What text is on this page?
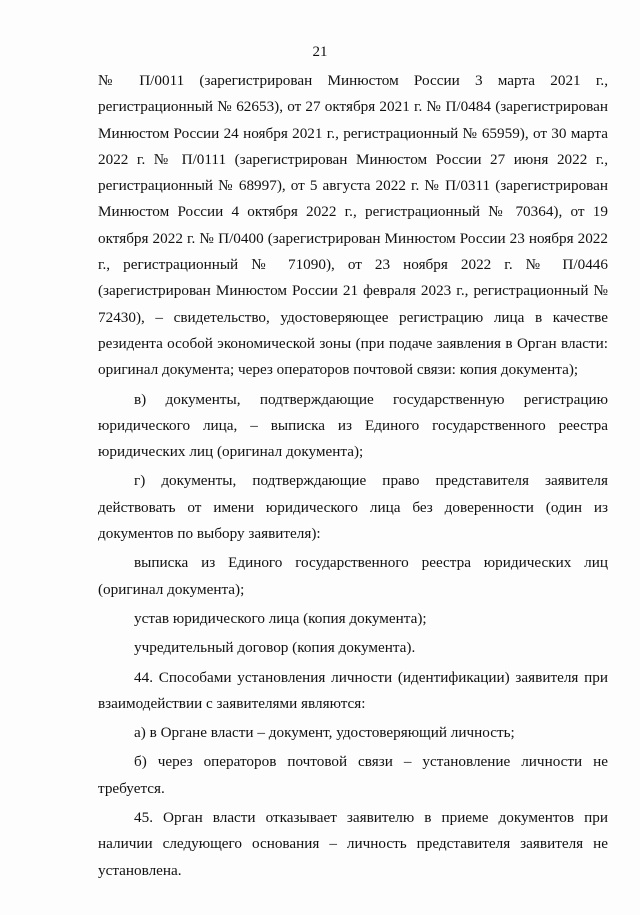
21

№ П/0011 (зарегистрирован Минюстом России 3 марта 2021 г., регистрационный № 62653), от 27 октября 2021 г. № П/0484 (зарегистрирован Минюстом России 24 ноября 2021 г., регистрационный № 65959), от 30 марта 2022 г. № П/0111 (зарегистрирован Минюстом России 27 июня 2022 г., регистрационный № 68997), от 5 августа 2022 г. № П/0311 (зарегистрирован Минюстом России 4 октября 2022 г., регистрационный № 70364), от 19 октября 2022 г. № П/0400 (зарегистрирован Минюстом России 23 ноября 2022 г., регистрационный № 71090), от 23 ноября 2022 г. № П/0446 (зарегистрирован Минюстом России 21 февраля 2023 г., регистрационный № 72430), – свидетельство, удостоверяющее регистрацию лица в качестве резидента особой экономической зоны (при подаче заявления в Орган власти: оригинал документа; через операторов почтовой связи: копия документа);

в) документы, подтверждающие государственную регистрацию юридического лица, – выписка из Единого государственного реестра юридических лиц (оригинал документа);

г) документы, подтверждающие право представителя заявителя действовать от имени юридического лица без доверенности (один из документов по выбору заявителя):

выписка из Единого государственного реестра юридических лиц (оригинал документа);

устав юридического лица (копия документа);

учредительный договор (копия документа).

44. Способами установления личности (идентификации) заявителя при взаимодействии с заявителями являются:

а) в Органе власти – документ, удостоверяющий личность;

б) через операторов почтовой связи – установление личности не требуется.

45. Орган власти отказывает заявителю в приеме документов при наличии следующего основания – личность представителя заявителя не установлена.
